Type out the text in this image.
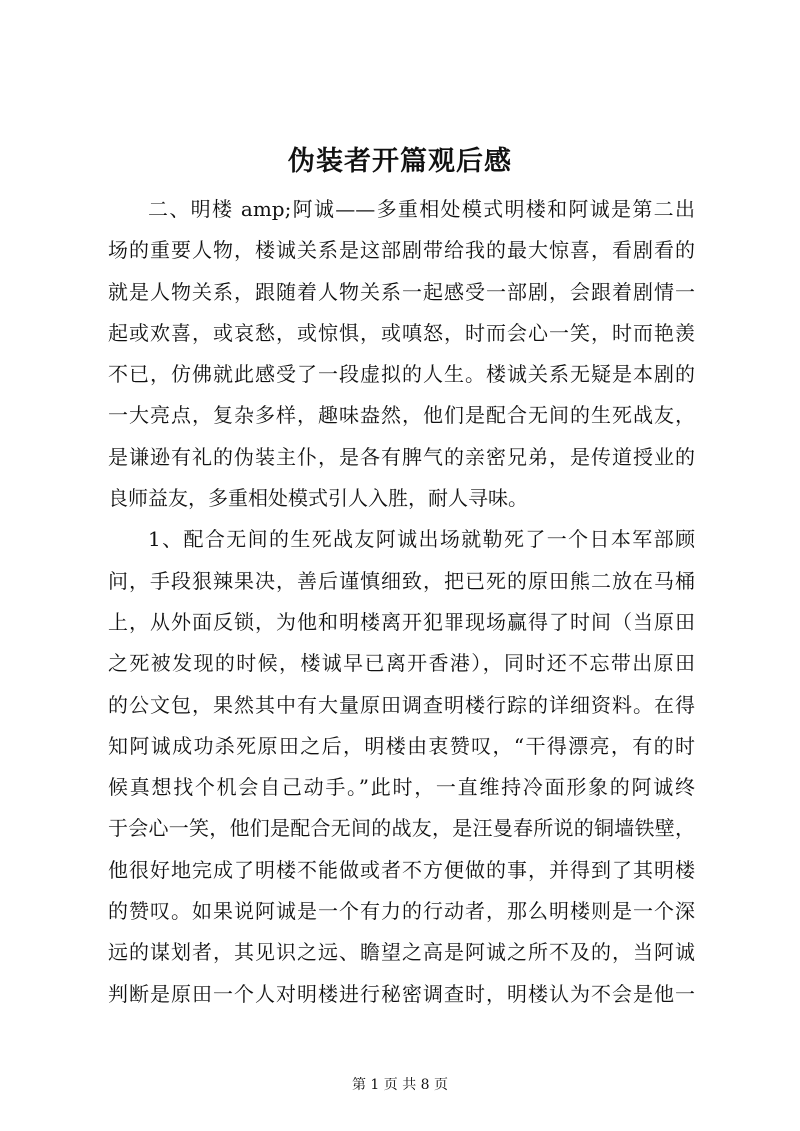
伪装者开篇观后感

二、明楼 amp;阿诚——多重相处模式明楼和阿诚是第二出

场的重要人物，楼诚关系是这部剧带给我的最大惊喜，看剧看的

就是人物关系，跟随着人物关系一起感受一部剧，会跟着剧情一

起或欢喜，或哀愁，或惊惧，或嗔怒，时而会心一笑，时而艳羡

不已，仿佛就此感受了一段虚拟的人生。楼诚关系无疑是本剧的

一大亮点，复杂多样，趣味盎然，他们是配合无间的生死战友，

是谦逊有礼的伪装主仆，是各有脾气的亲密兄弟，是传道授业的

良师益友，多重相处模式引人入胜，耐人寻味。

1、配合无间的生死战友阿诚出场就勒死了一个日本军部顾

问，手段狠辣果决，善后谨慎细致，把已死的原田熊二放在马桶

上，从外面反锁，为他和明楼离开犯罪现场赢得了时间（当原田

之死被发现的时候，楼诚早已离开香港），同时还不忘带出原田

的公文包，果然其中有大量原田调查明楼行踪的详细资料。在得

知阿诚成功杀死原田之后，明楼由衷赞叹，“干得漂亮，有的时

候真想找个机会自己动手。”此时，一直维持冷面形象的阿诚终

于会心一笑，他们是配合无间的战友，是汪曼春所说的铜墙铁壁，

他很好地完成了明楼不能做或者不方便做的事，并得到了其明楼

的赞叹。如果说阿诚是一个有力的行动者，那么明楼则是一个深

远的谋划者，其见识之远、瞻望之高是阿诚之所不及的，当阿诚

判断是原田一个人对明楼进行秘密调查时，明楼认为不会是他一

第 1 页 共 8 页
